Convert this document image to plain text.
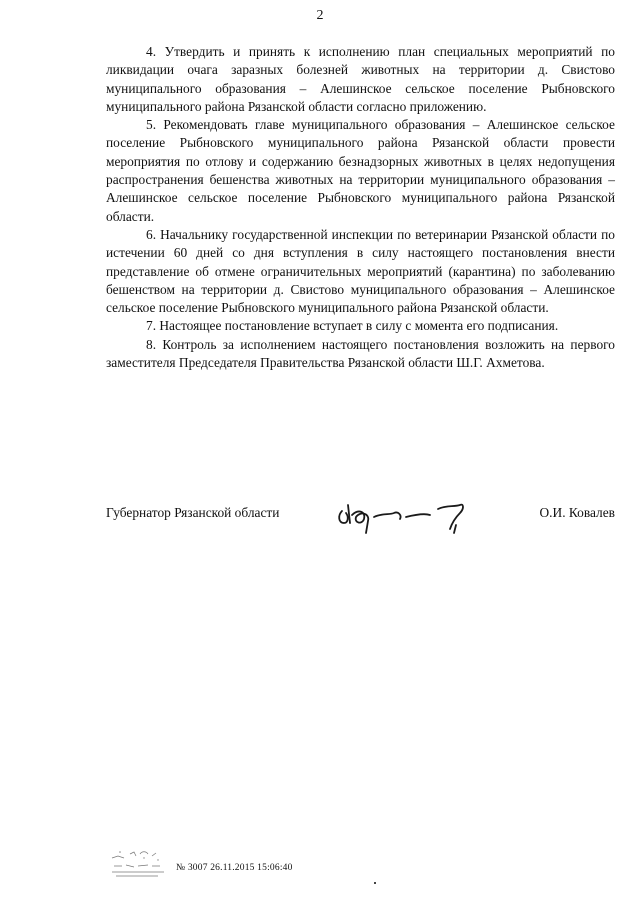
2

4. Утвердить и принять к исполнению план специальных мероприятий по ликвидации очага заразных болезней животных на территории д. Свистово муниципального образования – Алешинское сельское поселение Рыбновского муниципального района Рязанской области согласно приложению.

5. Рекомендовать главе муниципального образования – Алешинское сельское поселение Рыбновского муниципального района Рязанской области провести мероприятия по отлову и содержанию безнадзорных животных в целях недопущения распространения бешенства животных на территории муниципального образования – Алешинское сельское поселение Рыбновского муниципального района Рязанской области.

6. Начальнику государственной инспекции по ветеринарии Рязанской области по истечении 60 дней со дня вступления в силу настоящего постановления внести представление об отмене ограничительных мероприятий (карантина) по заболеванию бешенством на территории д. Свистово муниципального образования – Алешинское сельское поселение Рыбновского муниципального района Рязанской области.

7. Настоящее постановление вступает в силу с момента его подписания.

8. Контроль за исполнением настоящего постановления возложить на первого заместителя Председателя Правительства Рязанской области Ш.Г. Ахметова.

Губернатор Рязанской области	О.И. Ковалев
№ 3007 26.11.2015 15:06:40
